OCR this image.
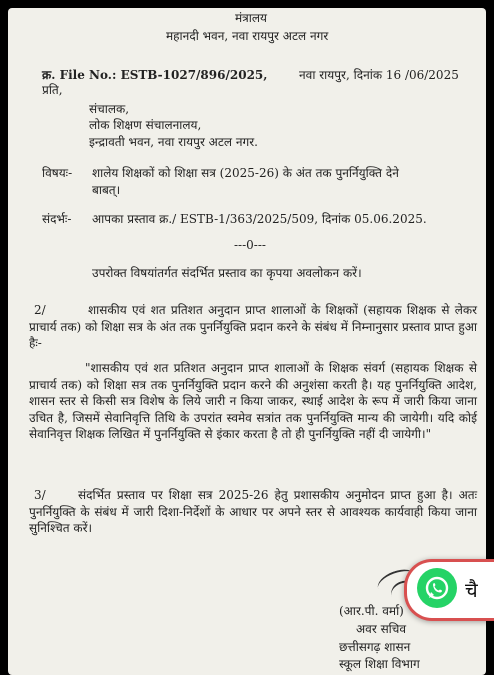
मंत्रालय
महानदी भवन, नवा रायपुर अटल नगर
क्र. File No.: ESTB-1027/896/2025,	नवा रायपुर, दिनांक 16 /06/2025
प्रति,
संचालक,
लोक शिक्षण संचालनालय,
इन्द्रावती भवन, नवा रायपुर अटल नगर.
विषयः- शालेय शिक्षकों को शिक्षा सत्र (2025-26) के अंत तक पुनर्नियुक्ति देने
बाबत्।
संदर्भः- आपका प्रस्ताव क्र./ ESTB-1/363/2025/509, दिनांक 05.06.2025.
---0---
उपरोक्त विषयांतर्गत संदर्भित प्रस्ताव का कृपया अवलोकन करें।
2/	शासकीय एवं शत प्रतिशत अनुदान प्राप्त शालाओं के शिक्षकों (सहायक शिक्षक से लेकर प्राचार्य तक) को शिक्षा सत्र के अंत तक पुनर्नियुक्ति प्रदान करने के संबंध में निम्नानुसार प्रस्ताव प्राप्त हुआ हैः-
"शासकीय एवं शत प्रतिशत अनुदान प्राप्त शालाओं के शिक्षक संवर्ग (सहायक शिक्षक से प्राचार्य तक) को शिक्षा सत्र तक पुनर्नियुक्ति प्रदान करने की अनुशंसा करती है। यह पुनर्नियुक्ति आदेश, शासन स्तर से किसी सत्र विशेष के लिये जारी न किया जाकर, स्थाई आदेश के रूप में जारी किया जाना उचित है, जिसमें सेवानिवृत्ति तिथि के उपरांत स्वमेव सत्रांत तक पुनर्नियुक्ति मान्य की जायेगी। यदि कोई सेवानिवृत्त शिक्षक लिखित में पुनर्नियुक्ति से इंकार करता है तो ही पुनर्नियुक्ति नहीं दी जायेगी।"
3/	संदर्भित प्रस्ताव पर शिक्षा सत्र 2025-26 हेतु प्रशासकीय अनुमोदन प्राप्त हुआ है। अतः पुनर्नियुक्ति के संबंध में जारी दिशा-निर्देशों के आधार पर अपने स्तर से आवश्यक कार्यवाही किया जाना सुनिश्चित करें।
(आर.पी. वर्मा)
अवर सचिव
छत्तीसगढ़ शासन
स्कूल शिक्षा विभाग
चै
